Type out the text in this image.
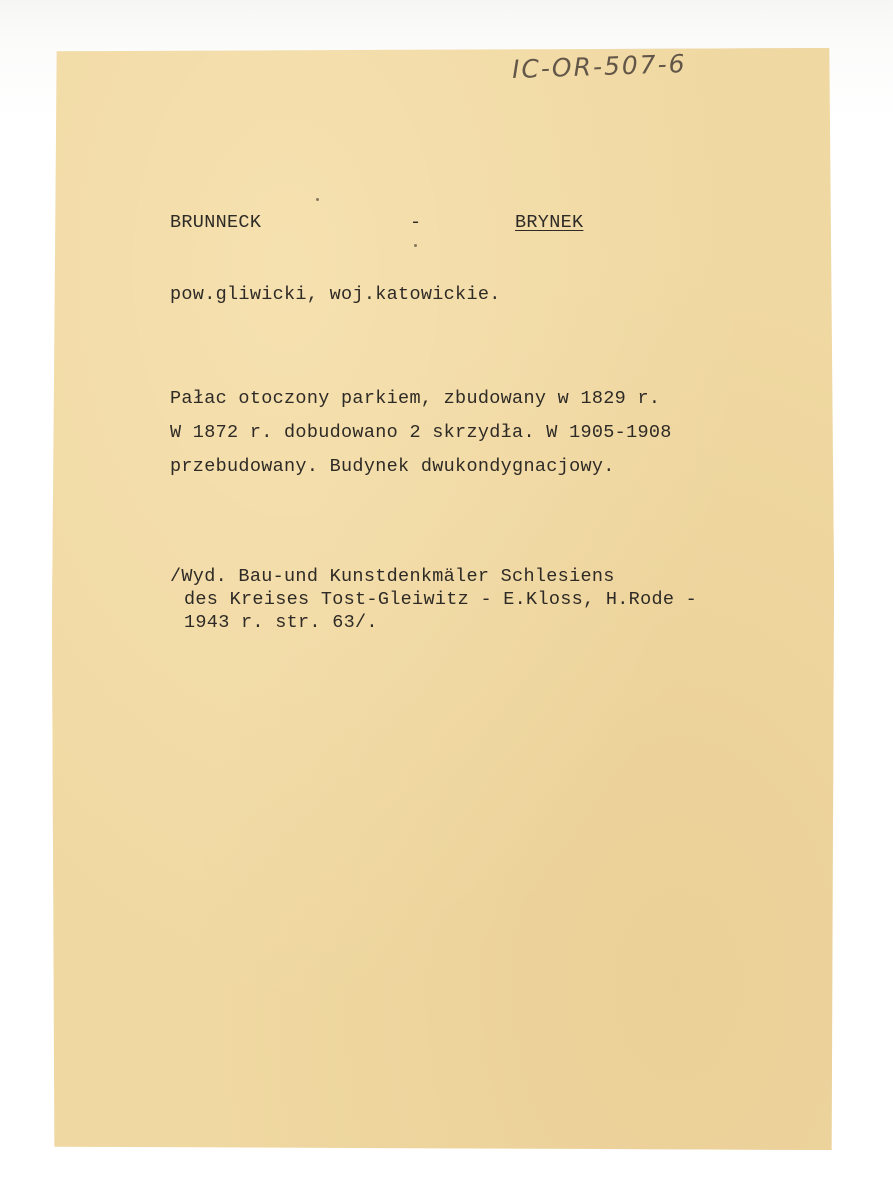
IC-OR-507-6
BRUNNECK	-	BRYNEK
pow.gliwicki, woj.katowickie.
Pałac otoczony parkiem, zbudowany w 1829 r.
W 1872 r. dobudowano 2 skrzydła. W 1905-1908
przebudowany. Budynek dwukondygnacjowy.
/Wyd. Bau-und Kunstdenkmäler Schlesiens
des Kreises Tost-Gleiwitz - E.Kloss, H.Rode -
1943 r. str. 63/.
